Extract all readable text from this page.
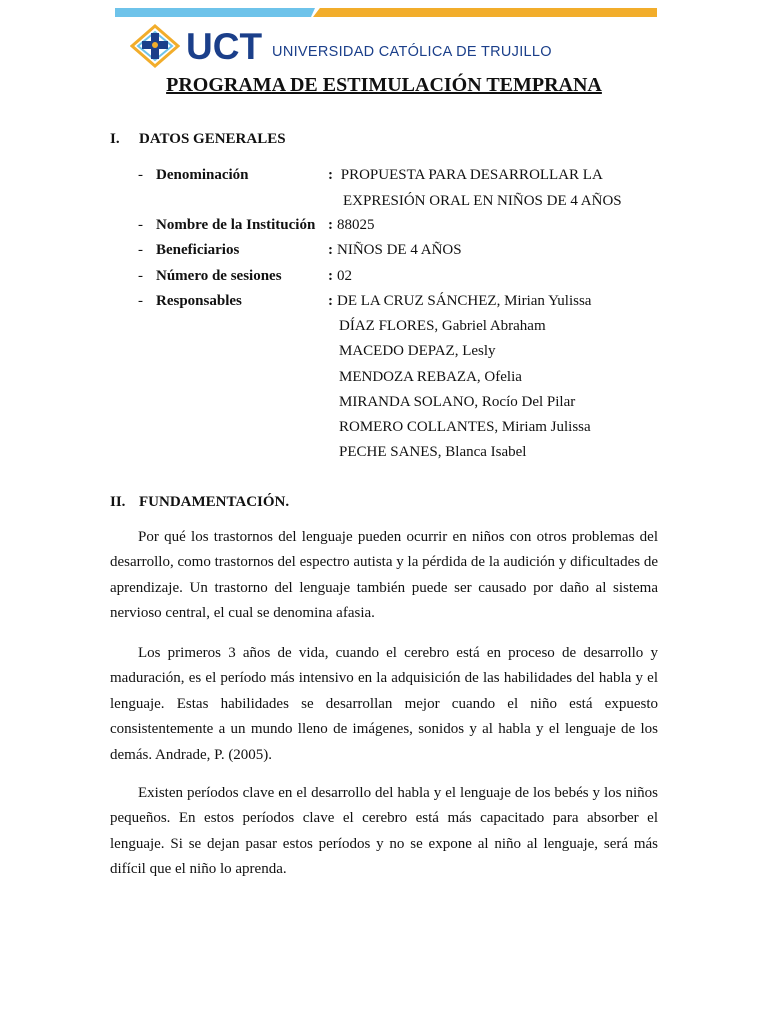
UCT UNIVERSIDAD CATÓLICA DE TRUJILLO
PROGRAMA DE ESTIMULACIÓN TEMPRANA
I. DATOS GENERALES
- Denominación	: PROPUESTA PARA DESARROLLAR LA
EXPRESIÓN ORAL EN NIÑOS DE 4 AÑOS
- Nombre de la Institución : 88025
- Beneficiarios	: NIÑOS DE 4 AÑOS
- Número de sesiones	: 02
- Responsables	: DE LA CRUZ SÁNCHEZ, Mirian Yulissa
DÍAZ FLORES, Gabriel Abraham
MACEDO DEPAZ, Lesly
MENDOZA REBAZA, Ofelia
MIRANDA SOLANO, Rocío Del Pilar
ROMERO COLLANTES, Miriam Julissa
PECHE SANES, Blanca Isabel
II. FUNDAMENTACIÓN.

Por qué los trastornos del lenguaje pueden ocurrir en niños con otros problemas del desarrollo, como trastornos del espectro autista y la pérdida de la audición y dificultades de aprendizaje. Un trastorno del lenguaje también puede ser causado por daño al sistema nervioso central, el cual se denomina afasia.

Los primeros 3 años de vida, cuando el cerebro está en proceso de desarrollo y maduración, es el período más intensivo en la adquisición de las habilidades del habla y el lenguaje. Estas habilidades se desarrollan mejor cuando el niño está expuesto consistentemente a un mundo lleno de imágenes, sonidos y al habla y el lenguaje de los demás. Andrade, P. (2005).

Existen períodos clave en el desarrollo del habla y el lenguaje de los bebés y los niños pequeños. En estos períodos clave el cerebro está más capacitado para absorber el lenguaje. Si se dejan pasar estos períodos y no se expone al niño al lenguaje, será más difícil que el niño lo aprenda.
